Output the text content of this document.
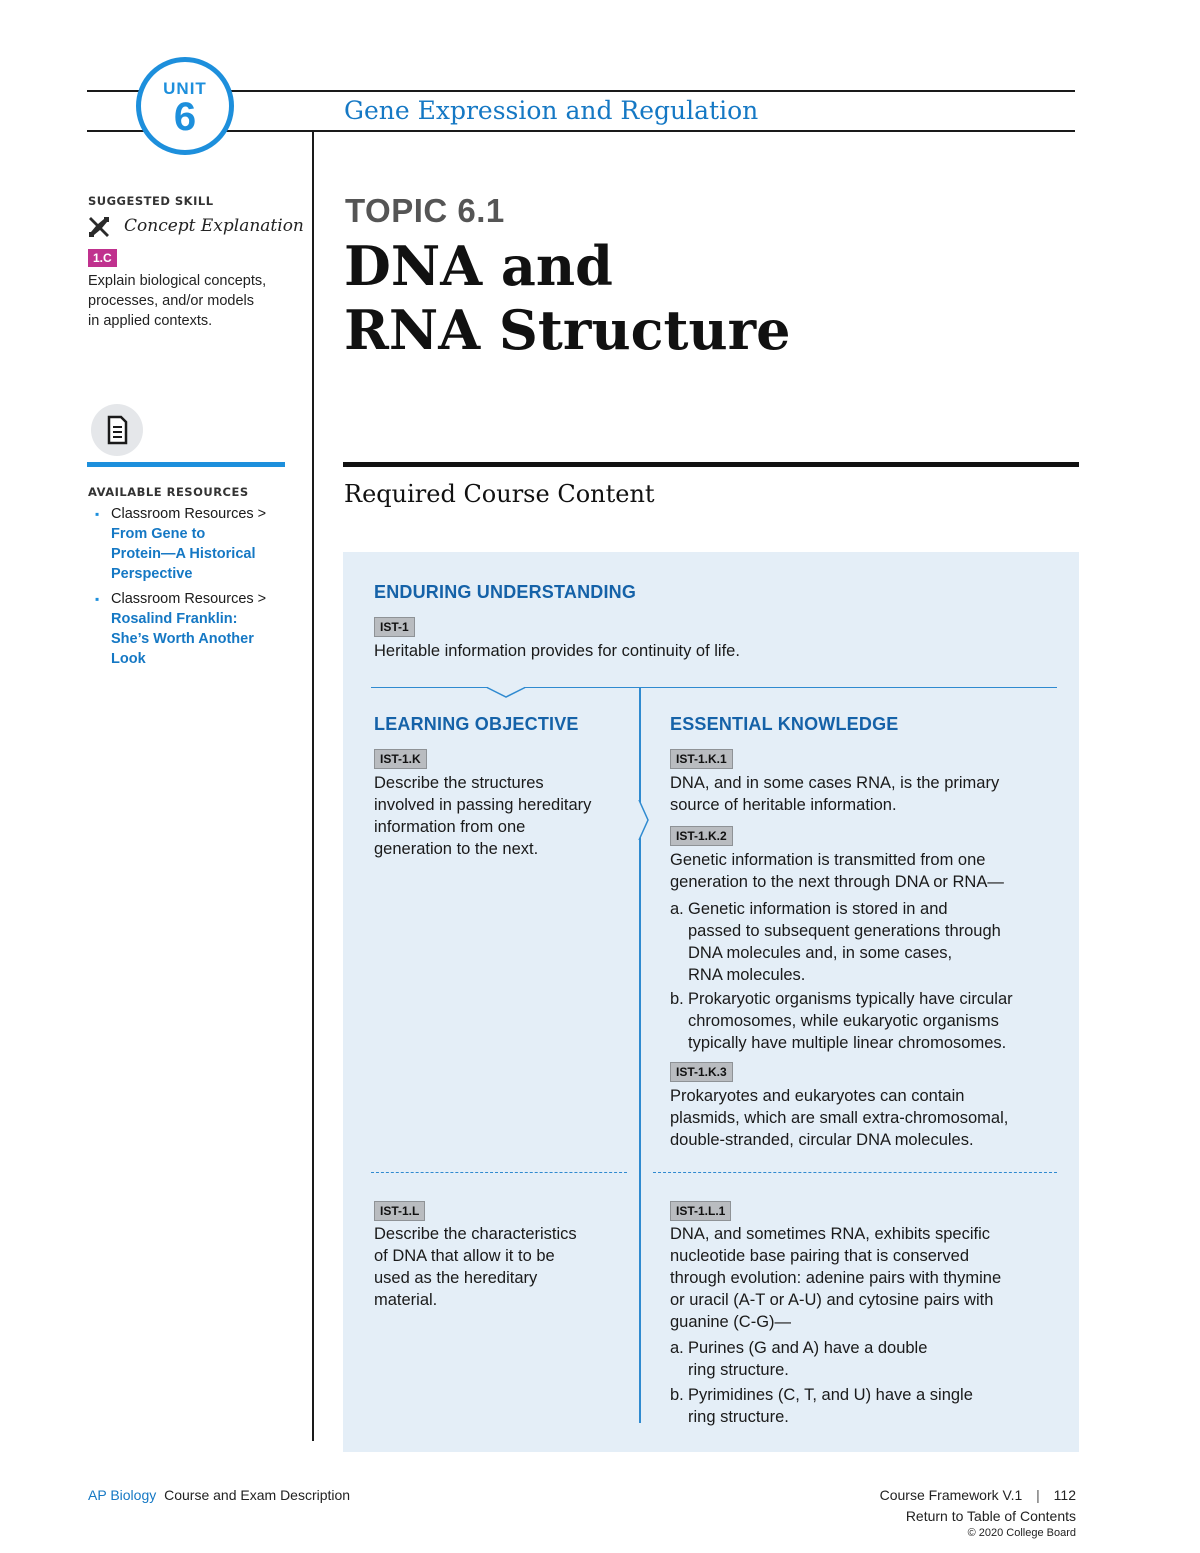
UNIT
6	Gene Expression and Regulation
SUGGESTED SKILL
Concept Explanation
1.C
Explain biological concepts,
processes, and/or models
in applied contexts.
AVAILABLE RESOURCES
▪ Classroom Resources >
From Gene to
Protein—A Historical
Perspective
▪ Classroom Resources >
Rosalind Franklin:
She’s Worth Another
Look
TOPIC 6.1
DNA and
RNA Structure
Required Course Content
ENDURING UNDERSTANDING
IST-1
Heritable information provides for continuity of life.
LEARNING OBJECTIVE	ESSENTIAL KNOWLEDGE
IST-1.K
Describe the structures
involved in passing hereditary
information from one
generation to the next.
IST-1.K.1
DNA, and in some cases RNA, is the primary
source of heritable information.
IST-1.K.2
Genetic information is transmitted from one
generation to the next through DNA or RNA—
a. Genetic information is stored in and
passed to subsequent generations through
DNA molecules and, in some cases,
RNA molecules.
b. Prokaryotic organisms typically have circular
chromosomes, while eukaryotic organisms
typically have multiple linear chromosomes.
IST-1.K.3
Prokaryotes and eukaryotes can contain
plasmids, which are small extra-chromosomal,
double-stranded, circular DNA molecules.
IST-1.L
Describe the characteristics
of DNA that allow it to be
used as the hereditary
material.
IST-1.L.1
DNA, and sometimes RNA, exhibits specific
nucleotide base pairing that is conserved
through evolution: adenine pairs with thymine
or uracil (A-T or A-U) and cytosine pairs with
guanine (C-G)—
a. Purines (G and A) have a double
ring structure.
b. Pyrimidines (C, T, and U) have a single
ring structure.
AP Biology Course and Exam Description	Course Framework V.1 | 112
Return to Table of Contents
© 2020 College Board
